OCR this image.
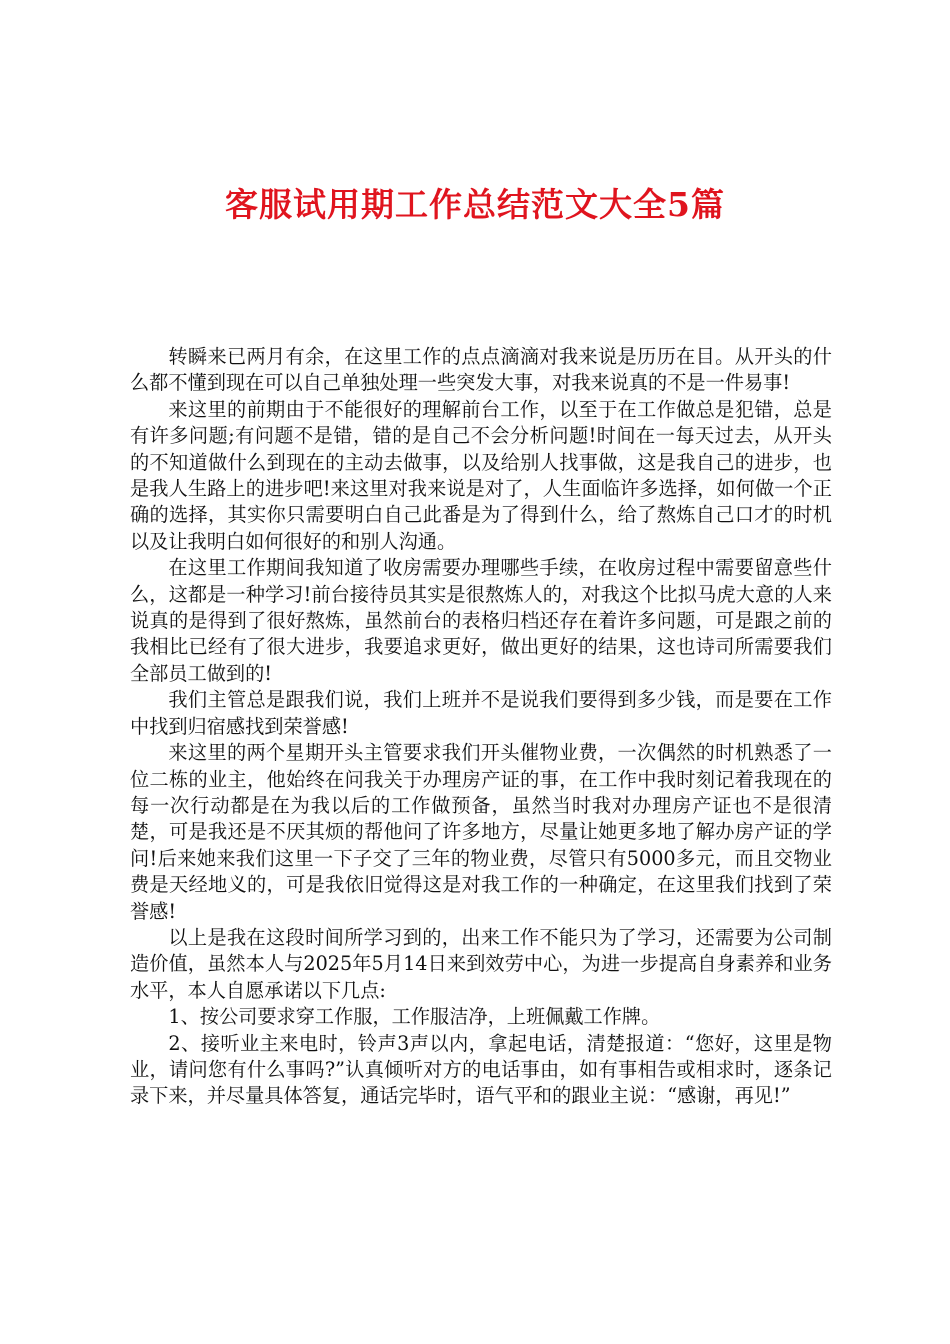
客服试用期工作总结范文大全5篇

转瞬来已两月有余，在这里工作的点点滴滴对我来说是历历在目。从开头的什么都不懂到现在可以自己单独处理一些突发大事，对我来说真的不是一件易事!

来这里的前期由于不能很好的理解前台工作，以至于在工作做总是犯错，总是有许多问题;有问题不是错，错的是自己不会分析问题!时间在一每天过去，从开头的不知道做什么到现在的主动去做事，以及给别人找事做，这是我自己的进步，也是我人生路上的进步吧!来这里对我来说是对了，人生面临许多选择，如何做一个正确的选择，其实你只需要明白自己此番是为了得到什么，给了熬炼自己口才的时机以及让我明白如何很好的和别人沟通。

在这里工作期间我知道了收房需要办理哪些手续，在收房过程中需要留意些什么，这都是一种学习!前台接待员其实是很熬炼人的，对我这个比拟马虎大意的人来说真的是得到了很好熬炼，虽然前台的表格归档还存在着许多问题，可是跟之前的我相比已经有了很大进步，我要追求更好，做出更好的结果，这也诗司所需要我们全部员工做到的!

我们主管总是跟我们说，我们上班并不是说我们要得到多少钱，而是要在工作中找到归宿感找到荣誉感!

来这里的两个星期开头主管要求我们开头催物业费，一次偶然的时机熟悉了一位二栋的业主，他始终在问我关于办理房产证的事，在工作中我时刻记着我现在的每一次行动都是在为我以后的工作做预备，虽然当时我对办理房产证也不是很清楚，可是我还是不厌其烦的帮他问了许多地方，尽量让她更多地了解办房产证的学问!后来她来我们这里一下子交了三年的物业费，尽管只有5000多元，而且交物业费是天经地义的，可是我依旧觉得这是对我工作的一种确定，在这里我们找到了荣誉感!

以上是我在这段时间所学习到的，出来工作不能只为了学习，还需要为公司制造价值，虽然本人与2025年5月14日来到效劳中心，为进一步提高自身素养和业务水平，本人自愿承诺以下几点:

1、按公司要求穿工作服，工作服洁净，上班佩戴工作牌。

2、接听业主来电时，铃声3声以内，拿起电话，清楚报道：“您好，这里是物业，请问您有什么事吗?”认真倾听对方的电话事由，如有事相告或相求时，逐条记录下来，并尽量具体答复，通话完毕时，语气平和的跟业主说：“感谢，再见!”
